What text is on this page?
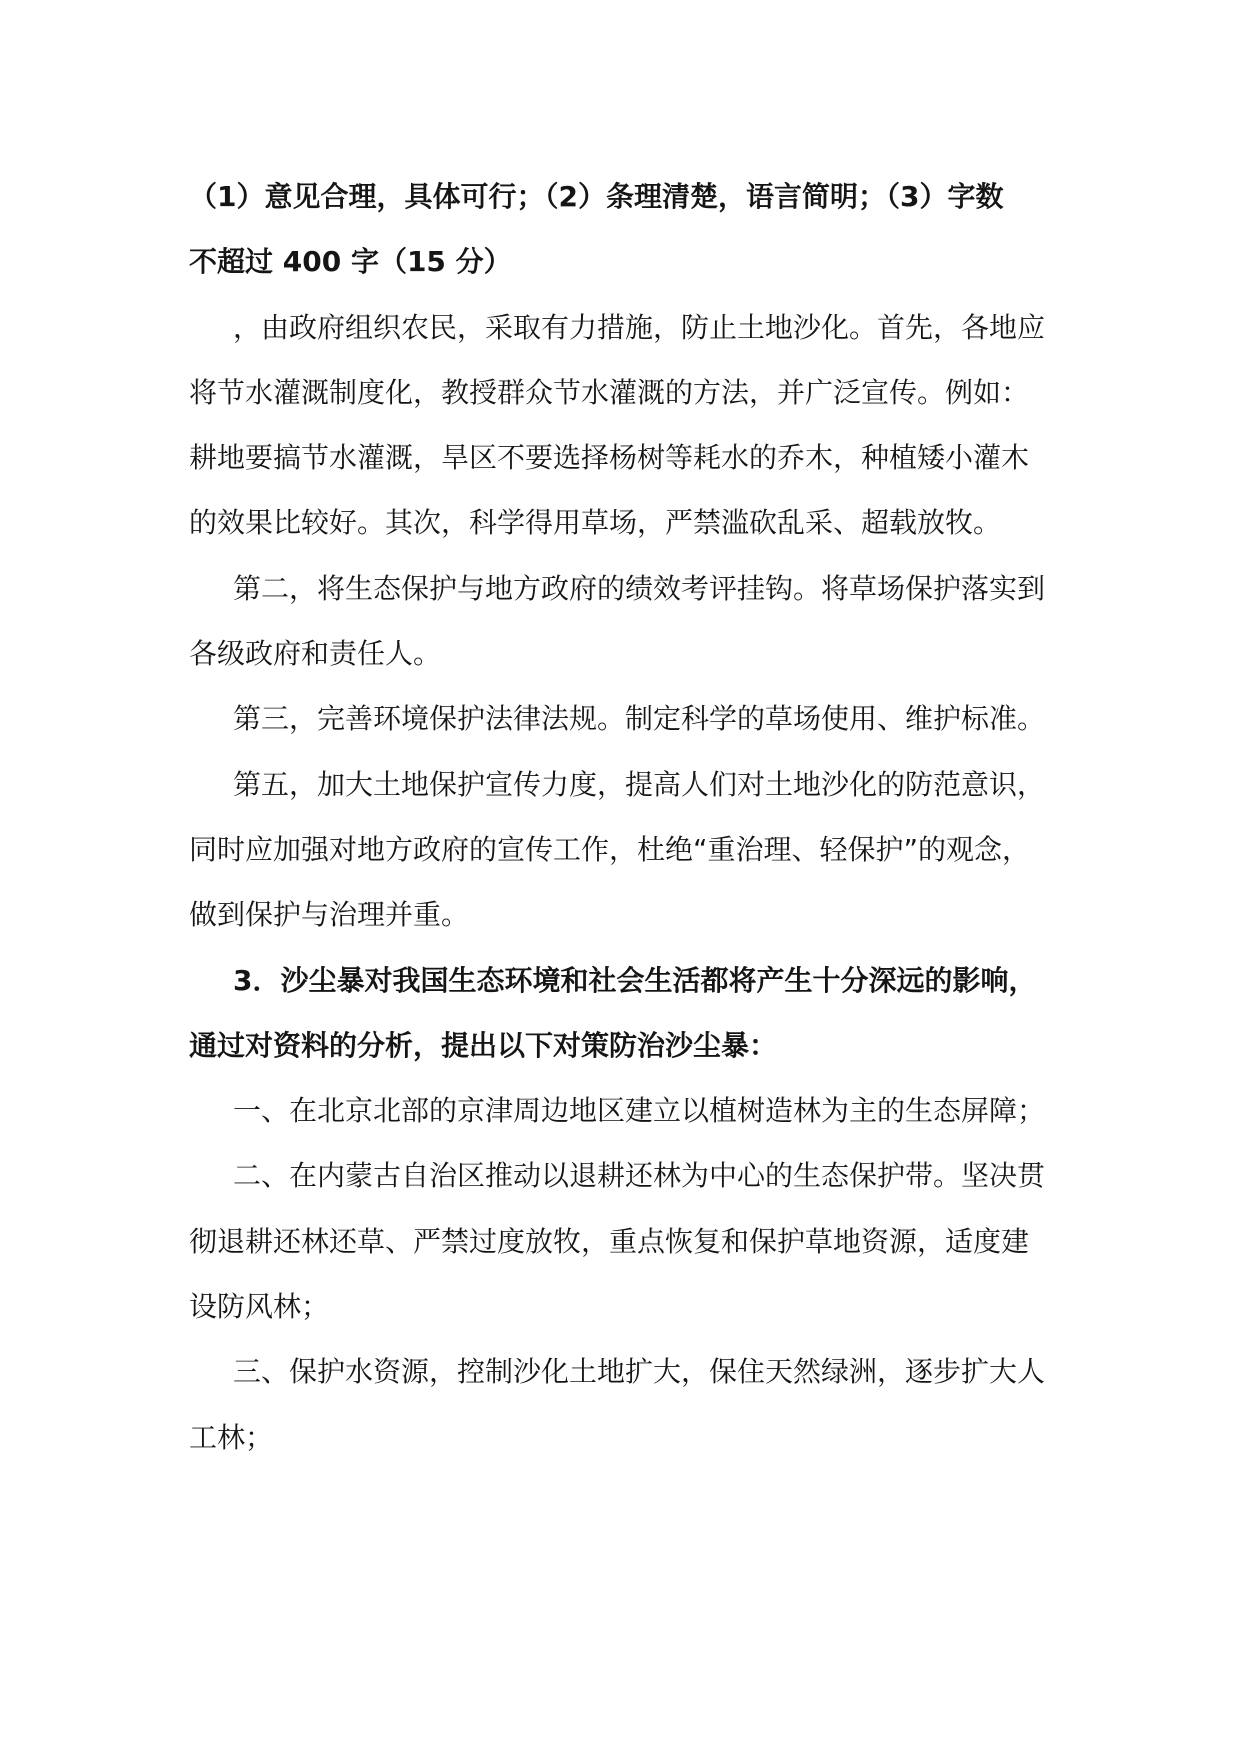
（1）意见合理，具体可行；（2）条理清楚，语言简明；（3）字数
不超过 400 字（15 分）
，由政府组织农民，采取有力措施，防止土地沙化。首先，各地应
将节水灌溉制度化，教授群众节水灌溉的方法，并广泛宣传。例如：
耕地要搞节水灌溉，旱区不要选择杨树等耗水的乔木，种植矮小灌木
的效果比较好。其次，科学得用草场，严禁滥砍乱采、超载放牧。
第二，将生态保护与地方政府的绩效考评挂钩。将草场保护落实到
各级政府和责任人。
第三，完善环境保护法律法规。制定科学的草场使用、维护标准。
第五，加大土地保护宣传力度，提高人们对土地沙化的防范意识，
同时应加强对地方政府的宣传工作，杜绝“重治理、轻保护”的观念，
做到保护与治理并重。
3．沙尘暴对我国生态环境和社会生活都将产生十分深远的影响，
通过对资料的分析，提出以下对策防治沙尘暴：
一、在北京北部的京津周边地区建立以植树造林为主的生态屏障；
二、在内蒙古自治区推动以退耕还林为中心的生态保护带。坚决贯
彻退耕还林还草、严禁过度放牧，重点恢复和保护草地资源，适度建
设防风林；
三、保护水资源，控制沙化土地扩大，保住天然绿洲，逐步扩大人
工林；
